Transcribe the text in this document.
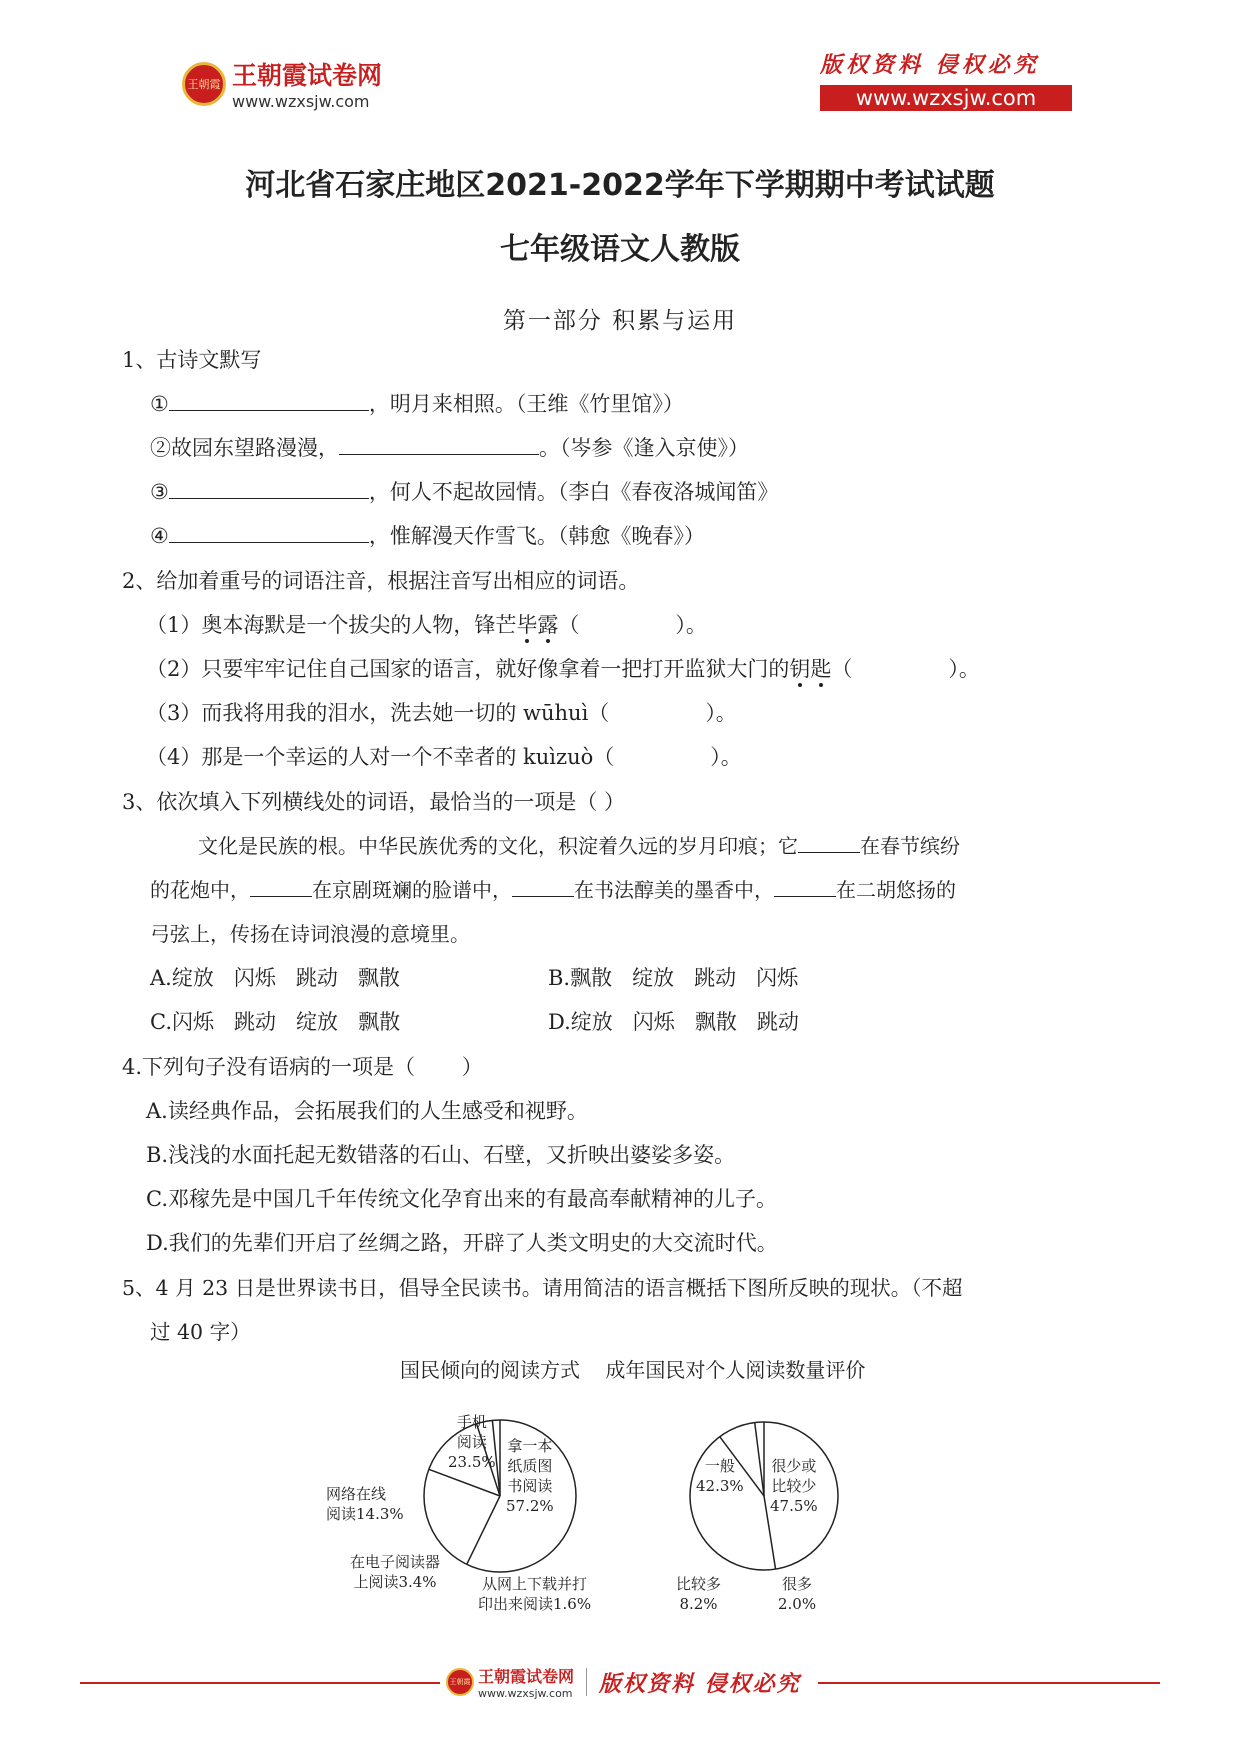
王朝霞 王朝霞试卷网
www.wzxsjw.com
版权资料 侵权必究
www.wzxsjw.com
河北省石家庄地区2021-2022学年下学期期中考试试题
七年级语文人教版
第一部分 积累与运用
1、古诗文默写
①	，明月来相照。（王维《竹里馆》）
②故园东望路漫漫，	。（岑参《逢入京使》）
③	，何人不起故园情。（李白《春夜洛城闻笛》
④	，惟解漫天作雪飞。（韩愈《晚春》）
2、给加着重号的词语注音，根据注音写出相应的词语。
（1）奥本海默是一个拔尖的人物，锋芒毕露（	）。
（2）只要牢牢记住自己国家的语言，就好像拿着一把打开监狱大门的钥匙（	）。
（3）而我将用我的泪水，洗去她一切的 wūhuì（	）。
（4）那是一个幸运的人对一个不幸者的 kuìzuò（	）。
3、依次填入下列横线处的词语，最恰当的一项是（ ）
文化是民族的根。中华民族优秀的文化，积淀着久远的岁月印痕；它	在春节缤纷
的花炮中，	在京剧斑斓的脸谱中，	在书法醇美的墨香中，	在二胡悠扬的
弓弦上，传扬在诗词浪漫的意境里。
A.绽放   闪烁   跳动   飘散	B.飘散   绽放   跳动   闪烁
C.闪烁   跳动   绽放   飘散	D.绽放   闪烁   飘散   跳动
4.下列句子没有语病的一项是（       ）
A.读经典作品，会拓展我们的人生感受和视野。
B.浅浅的水面托起无数错落的石山、石壁，又折映出婆娑多姿。
C.邓稼先是中国几千年传统文化孕育出来的有最高奉献精神的儿子。
D.我们的先辈们开启了丝绸之路，开辟了人类文明史的大交流时代。
5、4 月 23 日是世界读书日，倡导全民读书。请用简洁的语言概括下图所反映的现状。（不超
过 40 字）
国民倾向的阅读方式    成年国民对个人阅读数量评价
手机
阅读
23.5%
拿一本
纸质图
书阅读
57.2%
网络在线
阅读14.3%
在电子阅读器
上阅读3.4%	从网上下载并打
印出来阅读1.6%
一般
42.3%
很少或
比较少
47.5%
比较多
8.2%
很多
2.0%
王朝霞 王朝霞试卷网
www.wzxsjw.com 版权资料 侵权必究
